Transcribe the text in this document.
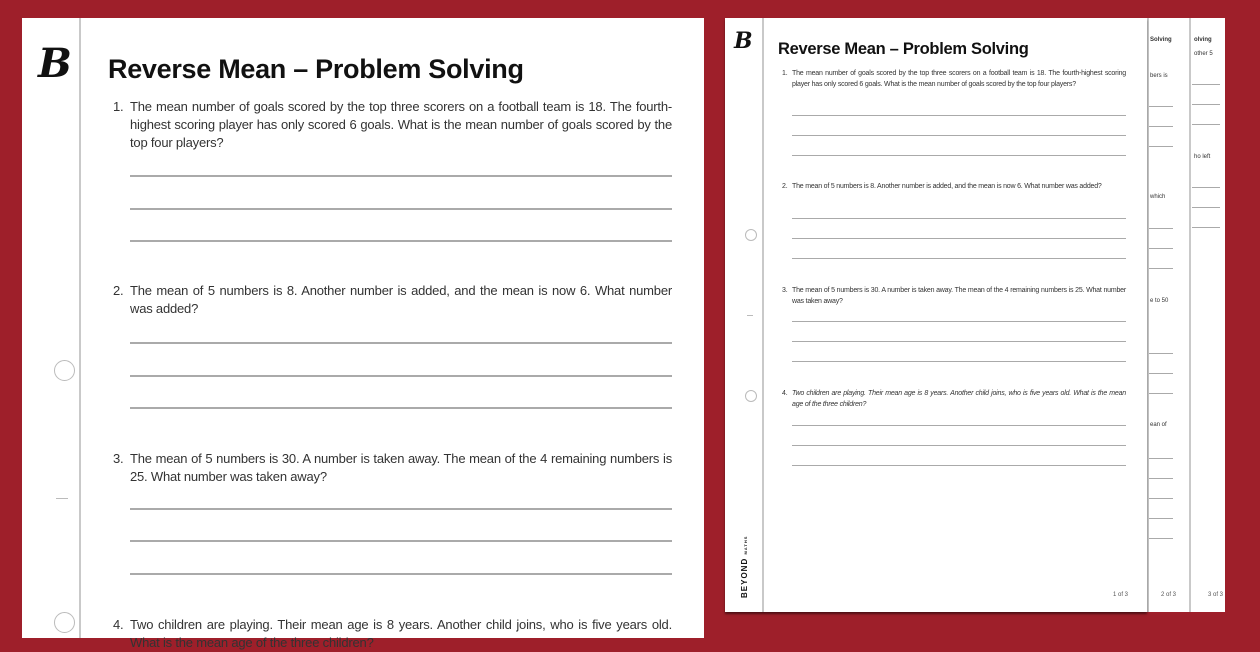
B Reverse Mean – Problem Solving
1. The mean number of goals scored by the top three scorers on a football team is 18. The fourth-highest scoring player has only scored 6 goals. What is the mean number of goals scored by the top four players?
2. The mean of 5 numbers is 8. Another number is added, and the mean is now 6. What number was added?
3. The mean of 5 numbers is 30. A number is taken away. The mean of the 4 remaining numbers is 25. What number was taken away?
4. Two children are playing. Their mean age is 8 years. Another child joins, who is five years old. What is the mean age of the three children?
olving
other 5
ho left
3 of 3
Solving
bers is
which
e to 50
ean of
2 of 3
B
BEYOND MATHS
Reverse Mean – Problem Solving
1. The mean number of goals scored by the top three scorers on a football team is 18. The fourth-highest scoring player has only scored 6 goals. What is the mean number of goals scored by the top four players?
2. The mean of 5 numbers is 8. Another number is added, and the mean is now 6. What number was added?
3. The mean of 5 numbers is 30. A number is taken away. The mean of the 4 remaining numbers is 25. What number was taken away?
4. Two children are playing. Their mean age is 8 years. Another child joins, who is five years old. What is the mean age of the three children?
1 of 3
